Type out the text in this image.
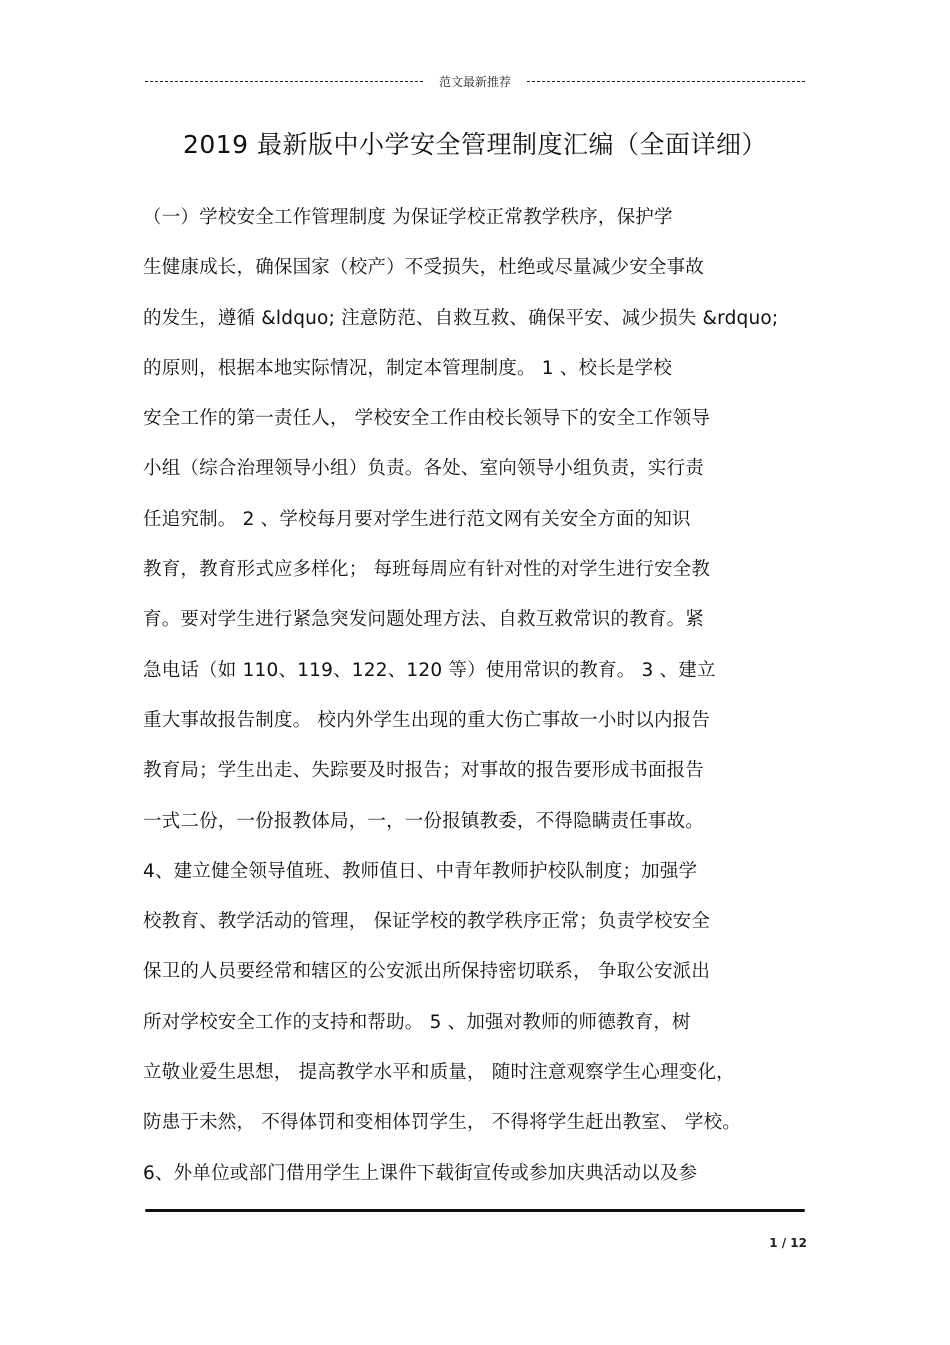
范文最新推荐
2019 最新版中小学安全管理制度汇编（全面详细）
（一）学校安全工作管理制度 为保证学校正常教学秩序，保护学
生健康成长，确保国家（校产）不受损失，杜绝或尽量减少安全事故
的发生，遵循 &ldquo; 注意防范、自救互救、确保平安、减少损失 &rdquo;
的原则，根据本地实际情况，制定本管理制度。 1 、校长是学校
安全工作的第一责任人， 学校安全工作由校长领导下的安全工作领导
小组（综合治理领导小组）负责。各处、室向领导小组负责，实行责
任追究制。 2 、学校每月要对学生进行范文网有关安全方面的知识
教育，教育形式应多样化； 每班每周应有针对性的对学生进行安全教
育。要对学生进行紧急突发问题处理方法、自救互救常识的教育。紧
急电话（如 110、119、122、120 等）使用常识的教育。 3 、建立
重大事故报告制度。 校内外学生出现的重大伤亡事故一小时以内报告
教育局；学生出走、失踪要及时报告；对事故的报告要形成书面报告
一式二份，一份报教体局，一，一份报镇教委，不得隐瞒责任事故。
4、建立健全领导值班、教师值日、中青年教师护校队制度；加强学
校教育、教学活动的管理， 保证学校的教学秩序正常；负责学校安全
保卫的人员要经常和辖区的公安派出所保持密切联系， 争取公安派出
所对学校安全工作的支持和帮助。 5 、加强对教师的师德教育，树
立敬业爱生思想， 提高教学水平和质量， 随时注意观察学生心理变化，
防患于未然， 不得体罚和变相体罚学生， 不得将学生赶出教室、 学校。
6、外单位或部门借用学生上课件下载街宣传或参加庆典活动以及参
1 / 12
